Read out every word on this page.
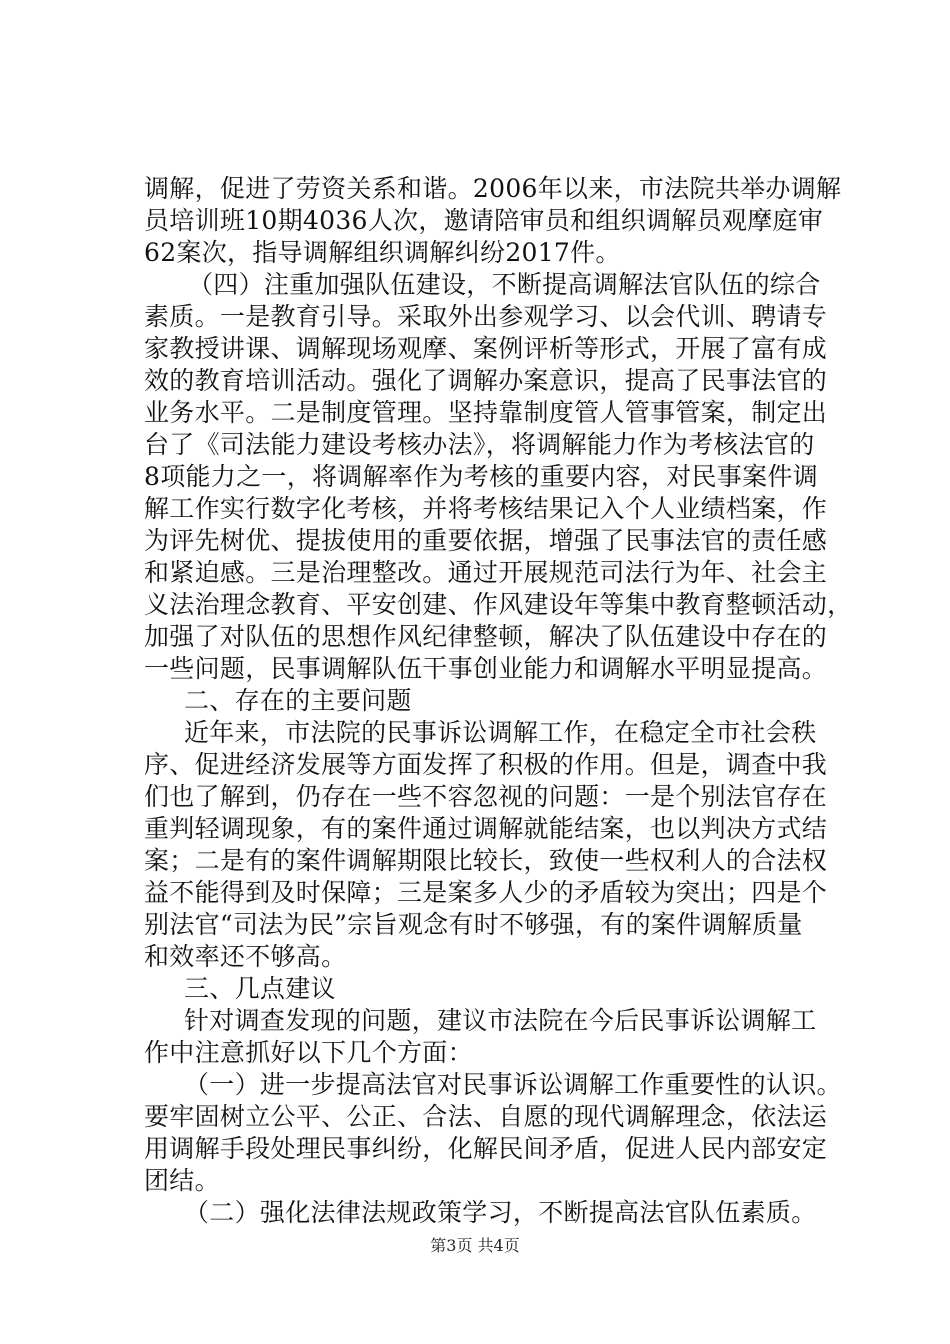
调解，促进了劳资关系和谐。2006年以来，市法院共举办调解
员培训班10期4036人次，邀请陪审员和组织调解员观摩庭审
62案次，指导调解组织调解纠纷2017件。
（四）注重加强队伍建设，不断提高调解法官队伍的综合
素质。一是教育引导。采取外出参观学习、以会代训、聘请专
家教授讲课、调解现场观摩、案例评析等形式，开展了富有成
效的教育培训活动。强化了调解办案意识，提高了民事法官的
业务水平。二是制度管理。坚持靠制度管人管事管案，制定出
台了《司法能力建设考核办法》，将调解能力作为考核法官的
8项能力之一，将调解率作为考核的重要内容，对民事案件调
解工作实行数字化考核，并将考核结果记入个人业绩档案，作
为评先树优、提拔使用的重要依据，增强了民事法官的责任感
和紧迫感。三是治理整改。通过开展规范司法行为年、社会主
义法治理念教育、平安创建、作风建设年等集中教育整顿活动，
加强了对队伍的思想作风纪律整顿，解决了队伍建设中存在的
一些问题，民事调解队伍干事创业能力和调解水平明显提高。
二、存在的主要问题
近年来，市法院的民事诉讼调解工作，在稳定全市社会秩
序、促进经济发展等方面发挥了积极的作用。但是，调查中我
们也了解到，仍存在一些不容忽视的问题：一是个别法官存在
重判轻调现象，有的案件通过调解就能结案，也以判决方式结
案；二是有的案件调解期限比较长，致使一些权利人的合法权
益不能得到及时保障；三是案多人少的矛盾较为突出；四是个
别法官“司法为民”宗旨观念有时不够强，有的案件调解质量
和效率还不够高。
三、几点建议
针对调查发现的问题，建议市法院在今后民事诉讼调解工
作中注意抓好以下几个方面：
（一）进一步提高法官对民事诉讼调解工作重要性的认识。
要牢固树立公平、公正、合法、自愿的现代调解理念，依法运
用调解手段处理民事纠纷，化解民间矛盾，促进人民内部安定
团结。
（二）强化法律法规政策学习，不断提高法官队伍素质。
第3页 共4页
